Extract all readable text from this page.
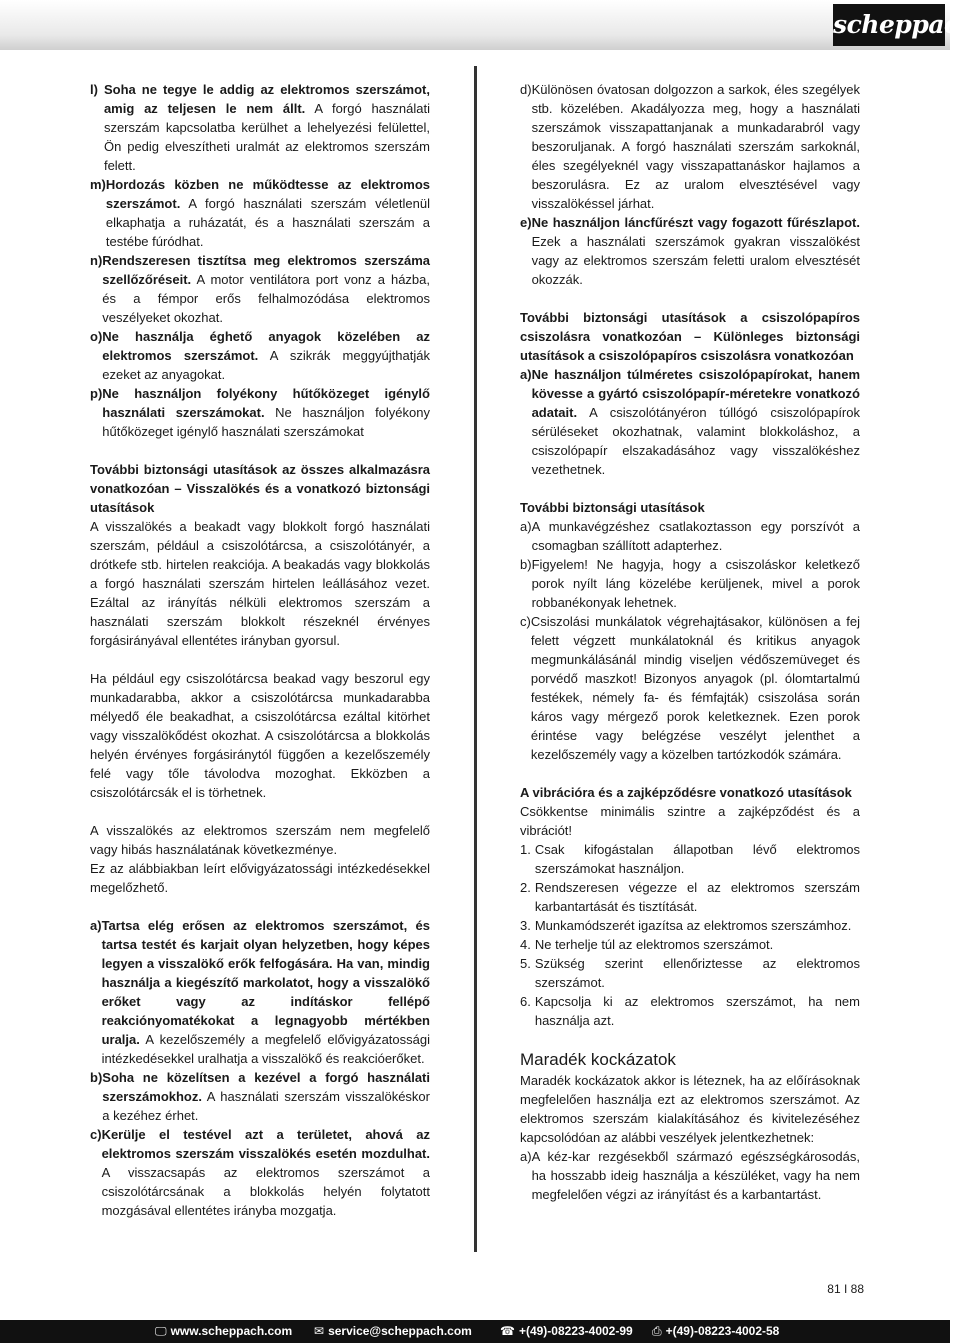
scheppach
l) Soha ne tegye le addig az elektromos szerszámot, amig az teljesen le nem állt. A forgó használati szerszám kapcsolatba kerülhet a lehelyezési felülettel, Ön pedig elveszítheti uralmát az elektromos szerszám felett.
m) Hordozás közben ne működtesse az elektromos szerszámot. A forgó használati szerszám véletlenül elkaphatja a ruházatát, és a használati szerszám a testébe fúródhat.
n) Rendszeresen tisztítsa meg elektromos szerszáma szellőzőréseit. A motor ventilátora port vonz a házba, és a fémpor erős felhalmozódása elektromos veszélyeket okozhat.
o) Ne használja éghető anyagok közelében az elektromos szerszámot. A szikrák meggyújthatják ezeket az anyagokat.
p) Ne használjon folyékony hűtőközeget igénylő használati szerszámokat. Ne használjon folyékony hűtőközeget igénylő használati szerszámokat

További biztonsági utasítások az összes alkalmazásra vonatkozóan – Visszalökés és a vonatkozó biztonsági utasítások

A visszalökés a beakadt vagy blokkolt forgó használati szerszám, például a csiszolótárcsa, a csiszolótányér, a drótkefe stb. hirtelen reakciója. A beakadás vagy blokkolás a forgó használati szerszám hirtelen leállásához vezet. Ezáltal az irányítás nélküli elektromos szerszám a használati szerszám blokkolt részeknél érvényes forgásirányával ellentétes irányban gyorsul.

Ha például egy csiszolótárcsa beakad vagy beszorul egy munkadarabba, akkor a csiszolótárcsa munkadarabba mélyedő éle beakadhat, a csiszolótárcsa ezáltal kitörhet vagy visszalökődést okozhat. A csiszolótárcsa a blokkolás helyén érvényes forgásiránytól függően a kezelőszemély felé vagy tőle távolodva mozoghat. Ekközben a csiszolótárcsák el is törhetnek.

A visszalökés az elektromos szerszám nem megfelelő vagy hibás használatának következménye.

Ez az alábbiakban leírt elővigyázatossági intézkedésekkel megelőzhető.

a) Tartsa elég erősen az elektromos szerszámot, és tartsa testét és karjait olyan helyzetben, hogy képes legyen a visszalökő erők felfogására. Ha van, mindig használja a kiegészítő markolatot, hogy a visszalökő erőket vagy az indításkor fellépő reakciónyomatékokat a legnagyobb mértékben uralja. A kezelőszemély a megfelelő elővigyázatossági intézkedésekkel uralhatja a visszalökő és reakcióerőket.
b) Soha ne közelítsen a kezével a forgó használati szerszámokhoz. A használati szerszám visszalökéskor a kezéhez érhet.
c) Kerülje el testével azt a területet, ahová az elektromos szerszám visszalökés esetén mozdulhat. A visszacsapás az elektromos szerszámot a csiszolótárcsának a blokkolás helyén folytatott mozgásával ellentétes irányba mozgatja.
d) Különösen óvatosan dolgozzon a sarkok, éles szegélyek stb. közelében. Akadályozza meg, hogy a használati szerszámok visszapattanjanak a munkadarabról vagy beszoruljanak. A forgó használati szerszám sarkoknál, éles szegélyeknél vagy visszapattanáskor hajlamos a beszorulásra. Ez az uralom elvesztésével vagy visszalökéssel járhat.
e) Ne használjon láncfűrészt vagy fogazott fűrészlapot. Ezek a használati szerszámok gyakran visszalökést vagy az elektromos szerszám feletti uralom elvesztését okozzák.

További biztonsági utasítások a csiszolópapíros csiszolásra vonatkozóan – Különleges biztonsági utasítások a csiszolópapíros csiszolásra vonatkozóan

a) Ne használjon túlméretes csiszolópapírokat, hanem kövesse a gyártó csiszolópapír-méretekre vonatkozó adatait. A csiszolótányéron túllógó csiszolópapírok sérüléseket okozhatnak, valamint blokkoláshoz, a csiszolópapír elszakadásához vagy visszalökéshez vezethetnek.

További biztonsági utasítások

a) A munkavégzéshez csatlakoztasson egy porszívót a csomagban szállított adapterhez.
b) Figyelem! Ne hagyja, hogy a csiszoláskor keletkező porok nyílt láng közelébe kerüljenek, mivel a porok robbanékonyak lehetnek.
c) Csiszolási munkálatok végrehajtásakor, különösen a fej felett végzett munkálatoknál és kritikus anyagok megmunkálásánál mindig viseljen védőszemüveget és porvédő maszkot! Bizonyos anyagok (pl. ólomtartalmú festékek, némely fa- és fémfajták) csiszolása során káros vagy mérgező porok keletkeznek. Ezen porok érintése vagy belégzése veszélyt jelenthet a kezelőszemély vagy a közelben tartózkodók számára.

A vibrációra és a zajképződésre vonatkozó utasítások

Csökkentse minimális szintre a zajképződést és a vibrációt!

1. Csak kifogástalan állapotban lévő elektromos szerszámokat használjon.
2. Rendszeresen végezze el az elektromos szerszám karbantartását és tisztítását.
3. Munkamódszerét igazítsa az elektromos szerszámhoz.
4. Ne terhelje túl az elektromos szerszámot.
5. Szükség szerint ellenőriztesse az elektromos szerszámot.
6. Kapcsolja ki az elektromos szerszámot, ha nem használja azt.
Maradék kockázatok

Maradék kockázatok akkor is léteznek, ha az előírásoknak megfelelően használja ezt az elektromos szerszámot. Az elektromos szerszám kialakításához és kivitelezéséhez kapcsolódóan az alábbi veszélyek jelentkezhetnek:

a) A kéz-kar rezgésekből származó egészségkárosodás, ha hosszabb ideig használja a készüléket, vagy ha nem megfelelően végzi az irányítást és a karbantartást.
81 I 88
🖵 www.scheppach.com ✉ service@scheppach.com ☎ +(49)-08223-4002-99 ⎙ +(49)-08223-4002-58
